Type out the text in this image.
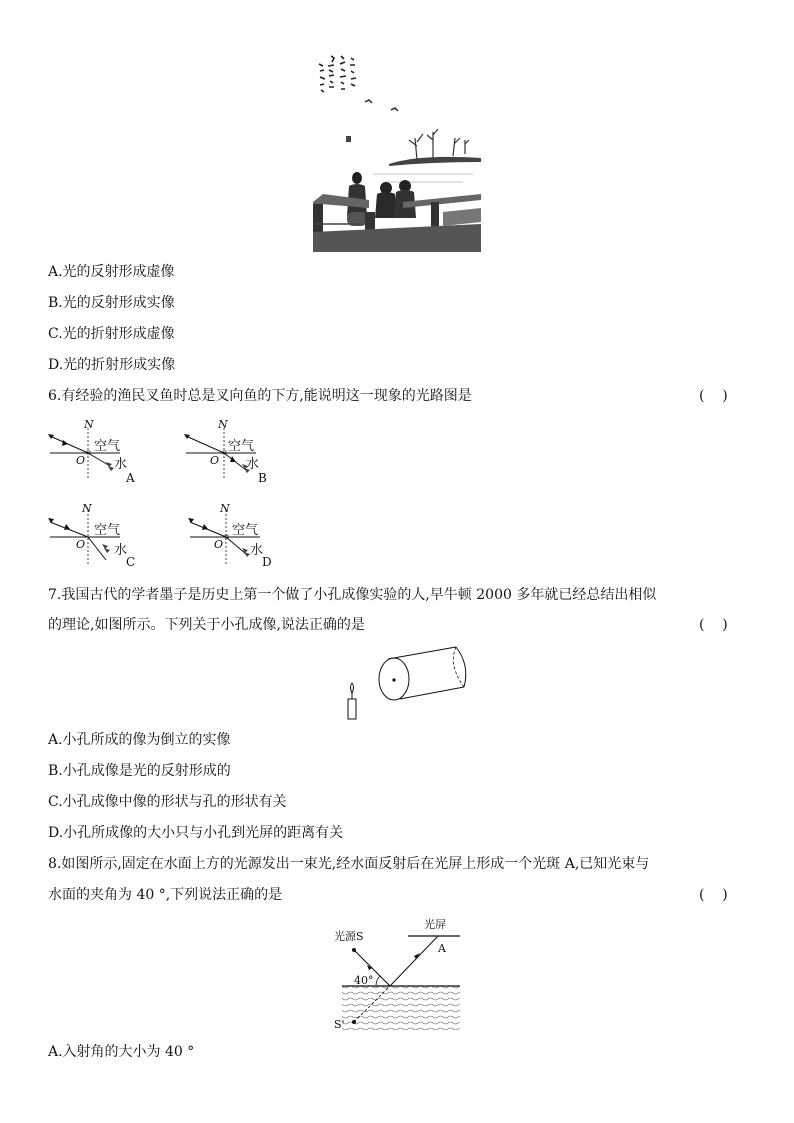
A.光的反射形成虚像
B.光的反射形成实像
C.光的折射形成虚像
D.光的折射形成实像
6.有经验的渔民叉鱼时总是叉向鱼的下方,能说明这一现象的光路图是	(    )
N
空气
O 水
A
N
空气
O 水
B
N
空气
O 水
C
N
空气
O 水
D
7.我国古代的学者墨子是历史上第一个做了小孔成像实验的人,早牛顿 2000 多年就已经总结出相似
的理论,如图所示。下列关于小孔成像,说法正确的是	(    )
A.小孔所成的像为倒立的实像
B.小孔成像是光的反射形成的
C.小孔成像中像的形状与孔的形状有关
D.小孔所成像的大小只与小孔到光屏的距离有关
8.如图所示,固定在水面上方的光源发出一束光,经水面反射后在光屏上形成一个光斑 A,已知光束与
水面的夹角为 40 °,下列说法正确的是	(    )
光源S
光屏
A
40°
S'
A.入射角的大小为 40 °
